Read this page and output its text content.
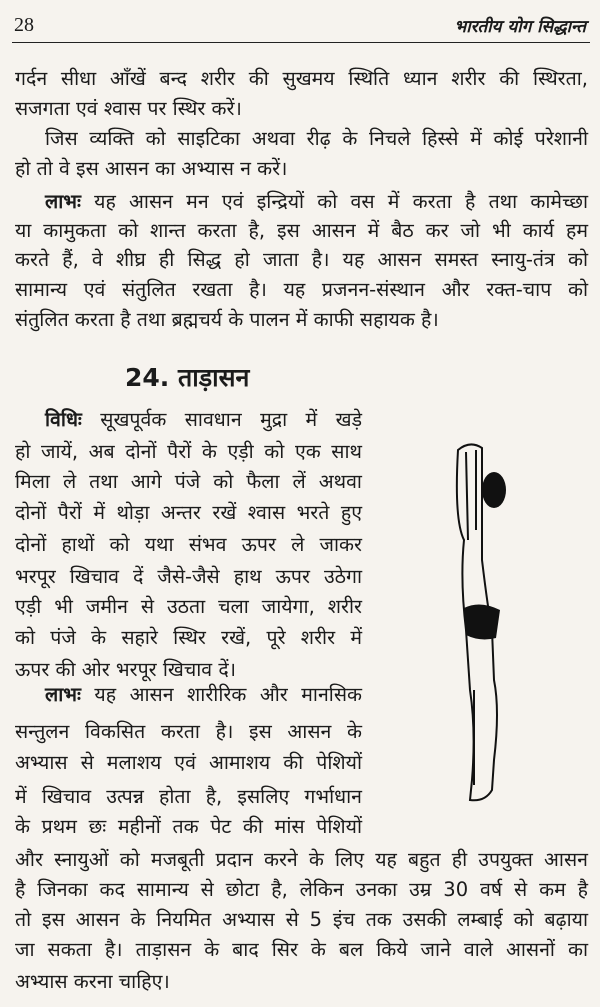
28	भारतीय योग सिद्धान्त
गर्दन सीधा आँखें बन्द शरीर की सुखमय स्थिति ध्यान शरीर की स्थिरता,
सजगता एवं श्वास पर स्थिर करें।
जिस व्यक्ति को साइटिका अथवा रीढ़ के निचले हिस्से में कोई परेशानी
हो तो वे इस आसन का अभ्यास न करें।
लाभः यह आसन मन एवं इन्द्रियों को वस में करता है तथा कामेच्छा
या कामुकता को शान्त करता है, इस आसन में बैठ कर जो भी कार्य हम
करते हैं, वे शीघ्र ही सिद्ध हो जाता है। यह आसन समस्त स्नायु-तंत्र को
सामान्य एवं संतुलित रखता है। यह प्रजनन-संस्थान और रक्त-चाप को
संतुलित करता है तथा ब्रह्मचर्य के पालन में काफी सहायक है।
24. ताड़ासन
विधिः सूखपूर्वक सावधान मुद्रा में खड़े
हो जायें, अब दोनों पैरों के एड़ी को एक साथ
मिला ले तथा आगे पंजे को फैला लें अथवा
दोनों पैरों में थोड़ा अन्तर रखें श्वास भरते हुए
दोनों हाथों को यथा संभव ऊपर ले जाकर
भरपूर खिचाव दें जैसे-जैसे हाथ ऊपर उठेगा
एड़ी भी जमीन से उठता चला जायेगा, शरीर
को पंजे के सहारे स्थिर रखें, पूरे शरीर में
ऊपर की ओर भरपूर खिचाव दें।
लाभः यह आसन शारीरिक और मानसिक
सन्तुलन विकसित करता है। इस आसन के
अभ्यास से मलाशय एवं आमाशय की पेशियों
में खिचाव उत्पन्न होता है, इसलिए गर्भाधान
के प्रथम छः महीनों तक पेट की मांस पेशियों
और स्नायुओं को मजबूती प्रदान करने के लिए यह बहुत ही उपयुक्त आसन
है जिनका कद सामान्य से छोटा है, लेकिन उनका उम्र 30 वर्ष से कम है
तो इस आसन के नियमित अभ्यास से 5 इंच तक उसकी लम्बाई को बढ़ाया
जा सकता है। ताड़ासन के बाद सिर के बल किये जाने वाले आसनों का
अभ्यास करना चाहिए।
